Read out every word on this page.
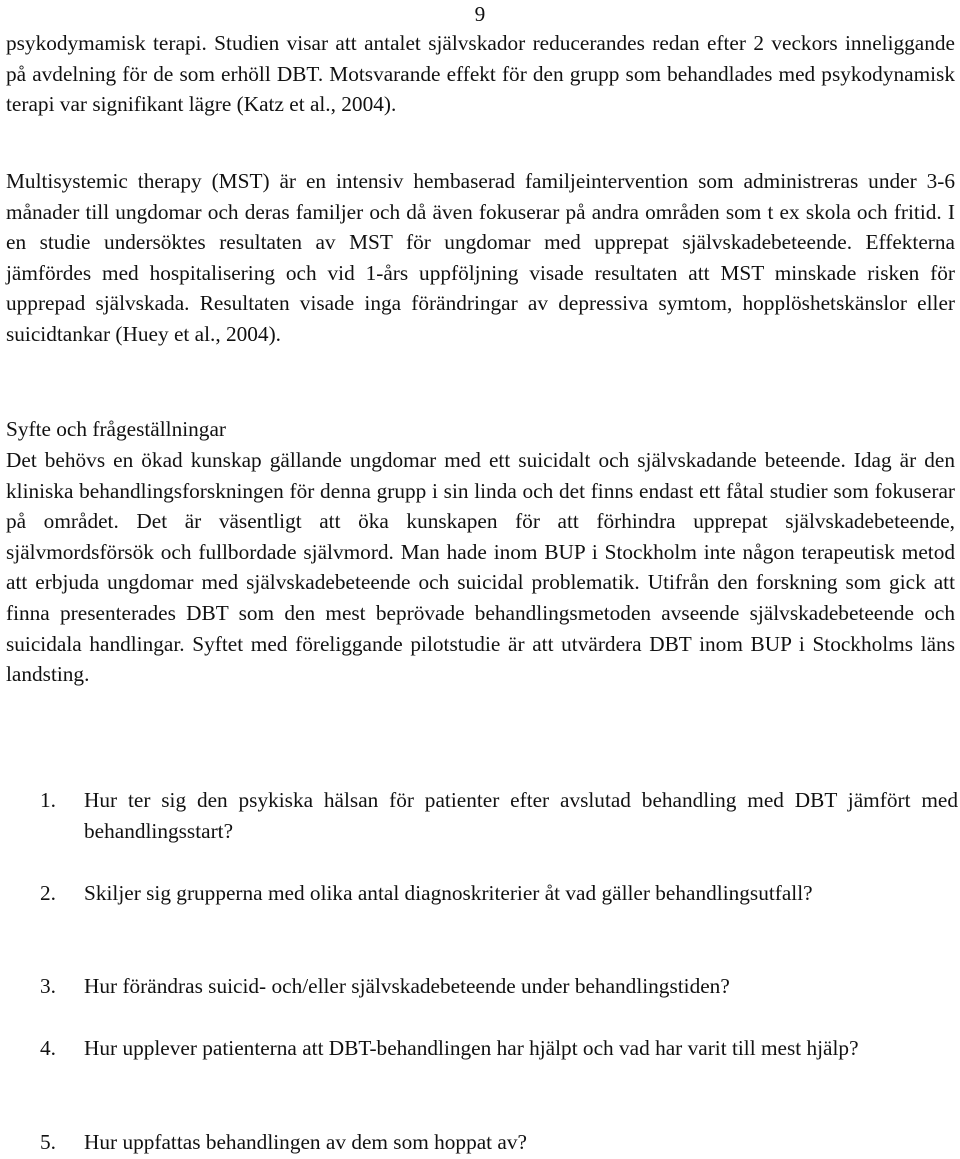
9

psykodymamisk terapi. Studien visar att antalet självskador reducerandes redan efter 2 veckors inneliggande på avdelning för de som erhöll DBT. Motsvarande effekt för den grupp som behandlades med psykodynamisk terapi var signifikant lägre (Katz et al., 2004).

Multisystemic therapy (MST) är en intensiv hembaserad familjeintervention som administreras under 3-6 månader till ungdomar och deras familjer och då även fokuserar på andra områden som t ex skola och fritid. I en studie undersöktes resultaten av MST för ungdomar med upprepat självskadebeteende. Effekterna jämfördes med hospitalisering och vid 1-års uppföljning visade resultaten att MST minskade risken för upprepad självskada. Resultaten visade inga förändringar av depressiva symtom, hopplöshetskänslor eller suicidtankar (Huey et al., 2004).

Syfte och frågeställningar

Det behövs en ökad kunskap gällande ungdomar med ett suicidalt och självskadande beteende. Idag är den kliniska behandlingsforskningen för denna grupp i sin linda och det finns endast ett fåtal studier som fokuserar på området. Det är väsentligt att öka kunskapen för att förhindra upprepat självskadebeteende, självmordsförsök och fullbordade självmord. Man hade inom BUP i Stockholm inte någon terapeutisk metod att erbjuda ungdomar med självskadebeteende och suicidal problematik. Utifrån den forskning som gick att finna presenterades DBT som den mest beprövade behandlingsmetoden avseende självskadebeteende och suicidala handlingar. Syftet med föreliggande pilotstudie är att utvärdera DBT inom BUP i Stockholms läns landsting.

1.	Hur ter sig den psykiska hälsan för patienter efter avslutad behandling med DBT jämfört med behandlingsstart?
2.	Skiljer sig grupperna med olika antal diagnoskriterier åt vad gäller behandlingsutfall?
3.	Hur förändras suicid- och/eller självskadebeteende under behandlingstiden?
4.	Hur upplever patienterna att DBT-behandlingen har hjälpt och vad har varit till mest hjälp?
5.	Hur uppfattas behandlingen av dem som hoppat av?
